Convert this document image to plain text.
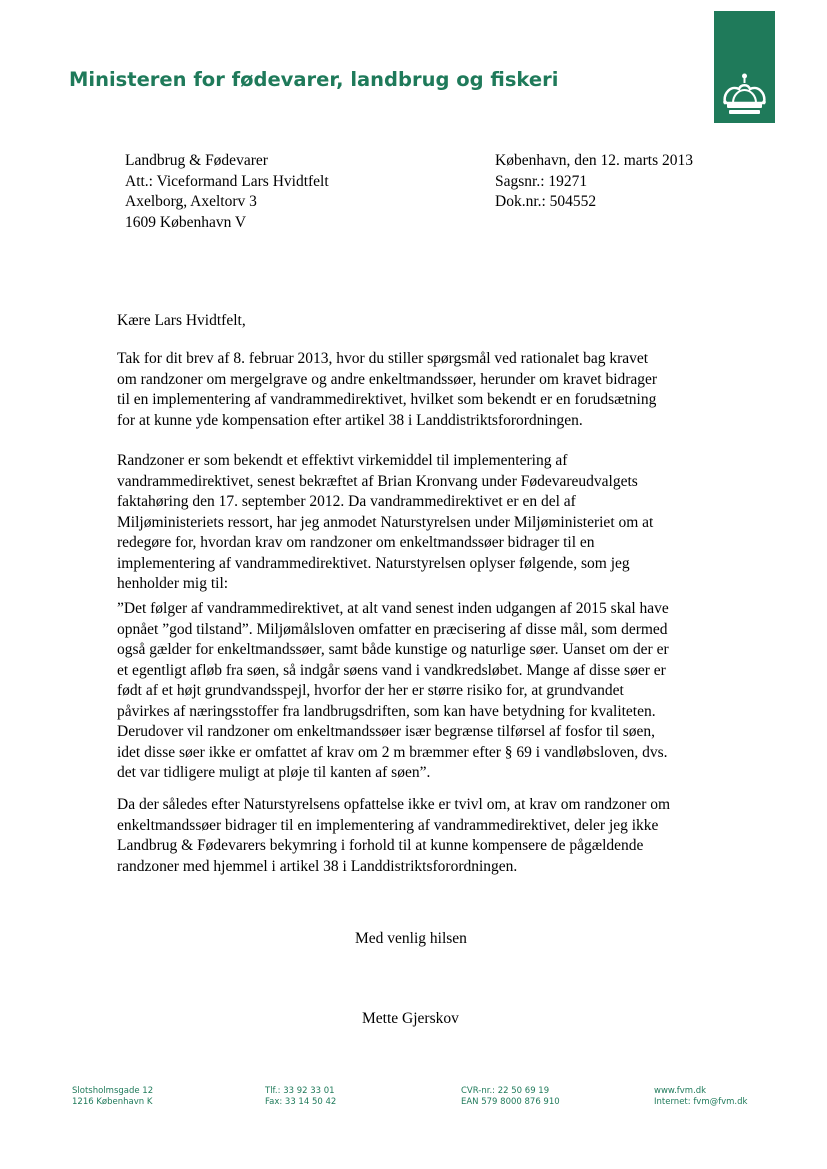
Ministeren for fødevarer, landbrug og fiskeri
Landbrug & Fødevarer
Att.: Viceformand Lars Hvidtfelt
Axelborg, Axeltorv 3
1609 København V
København, den 12. marts 2013
Sagsnr.: 19271
Dok.nr.: 504552
Kære Lars Hvidtfelt,
Tak for dit brev af 8. februar 2013, hvor du stiller spørgsmål ved rationalet bag kravet
om randzoner om mergelgrave og andre enkeltmandssøer, herunder om kravet bidrager
til en implementering af vandrammedirektivet, hvilket som bekendt er en forudsætning
for at kunne yde kompensation efter artikel 38 i Landdistriktsforordningen.
Randzoner er som bekendt et effektivt virkemiddel til implementering af
vandrammedirektivet, senest bekræftet af Brian Kronvang under Fødevareudvalgets
faktahøring den 17. september 2012. Da vandrammedirektivet er en del af
Miljøministeriets ressort, har jeg anmodet Naturstyrelsen under Miljøministeriet om at
redegøre for, hvordan krav om randzoner om enkeltmandssøer bidrager til en
implementering af vandrammedirektivet. Naturstyrelsen oplyser følgende, som jeg
henholder mig til:
”Det følger af vandrammedirektivet, at alt vand senest inden udgangen af 2015 skal have
opnået ”god tilstand”. Miljømålsloven omfatter en præcisering af disse mål, som dermed
også gælder for enkeltmandssøer, samt både kunstige og naturlige søer. Uanset om der er
et egentligt afløb fra søen, så indgår søens vand i vandkredsløbet. Mange af disse søer er
født af et højt grundvandsspejl, hvorfor der her er større risiko for, at grundvandet
påvirkes af næringsstoffer fra landbrugsdriften, som kan have betydning for kvaliteten.
Derudover vil randzoner om enkeltmandssøer især begrænse tilførsel af fosfor til søen,
idet disse søer ikke er omfattet af krav om 2 m bræmmer efter § 69 i vandløbsloven, dvs.
det var tidligere muligt at pløje til kanten af søen”.
Da der således efter Naturstyrelsens opfattelse ikke er tvivl om, at krav om randzoner om
enkeltmandssøer bidrager til en implementering af vandrammedirektivet, deler jeg ikke
Landbrug & Fødevarers bekymring i forhold til at kunne kompensere de pågældende
randzoner med hjemmel i artikel 38 i Landdistriktsforordningen.
Med venlig hilsen
Mette Gjerskov
Slotsholmsgade 12
1216 København K
Tlf.: 33 92 33 01
Fax: 33 14 50 42
CVR-nr.: 22 50 69 19
EAN 579 8000 876 910
www.fvm.dk
Internet: fvm@fvm.dk
